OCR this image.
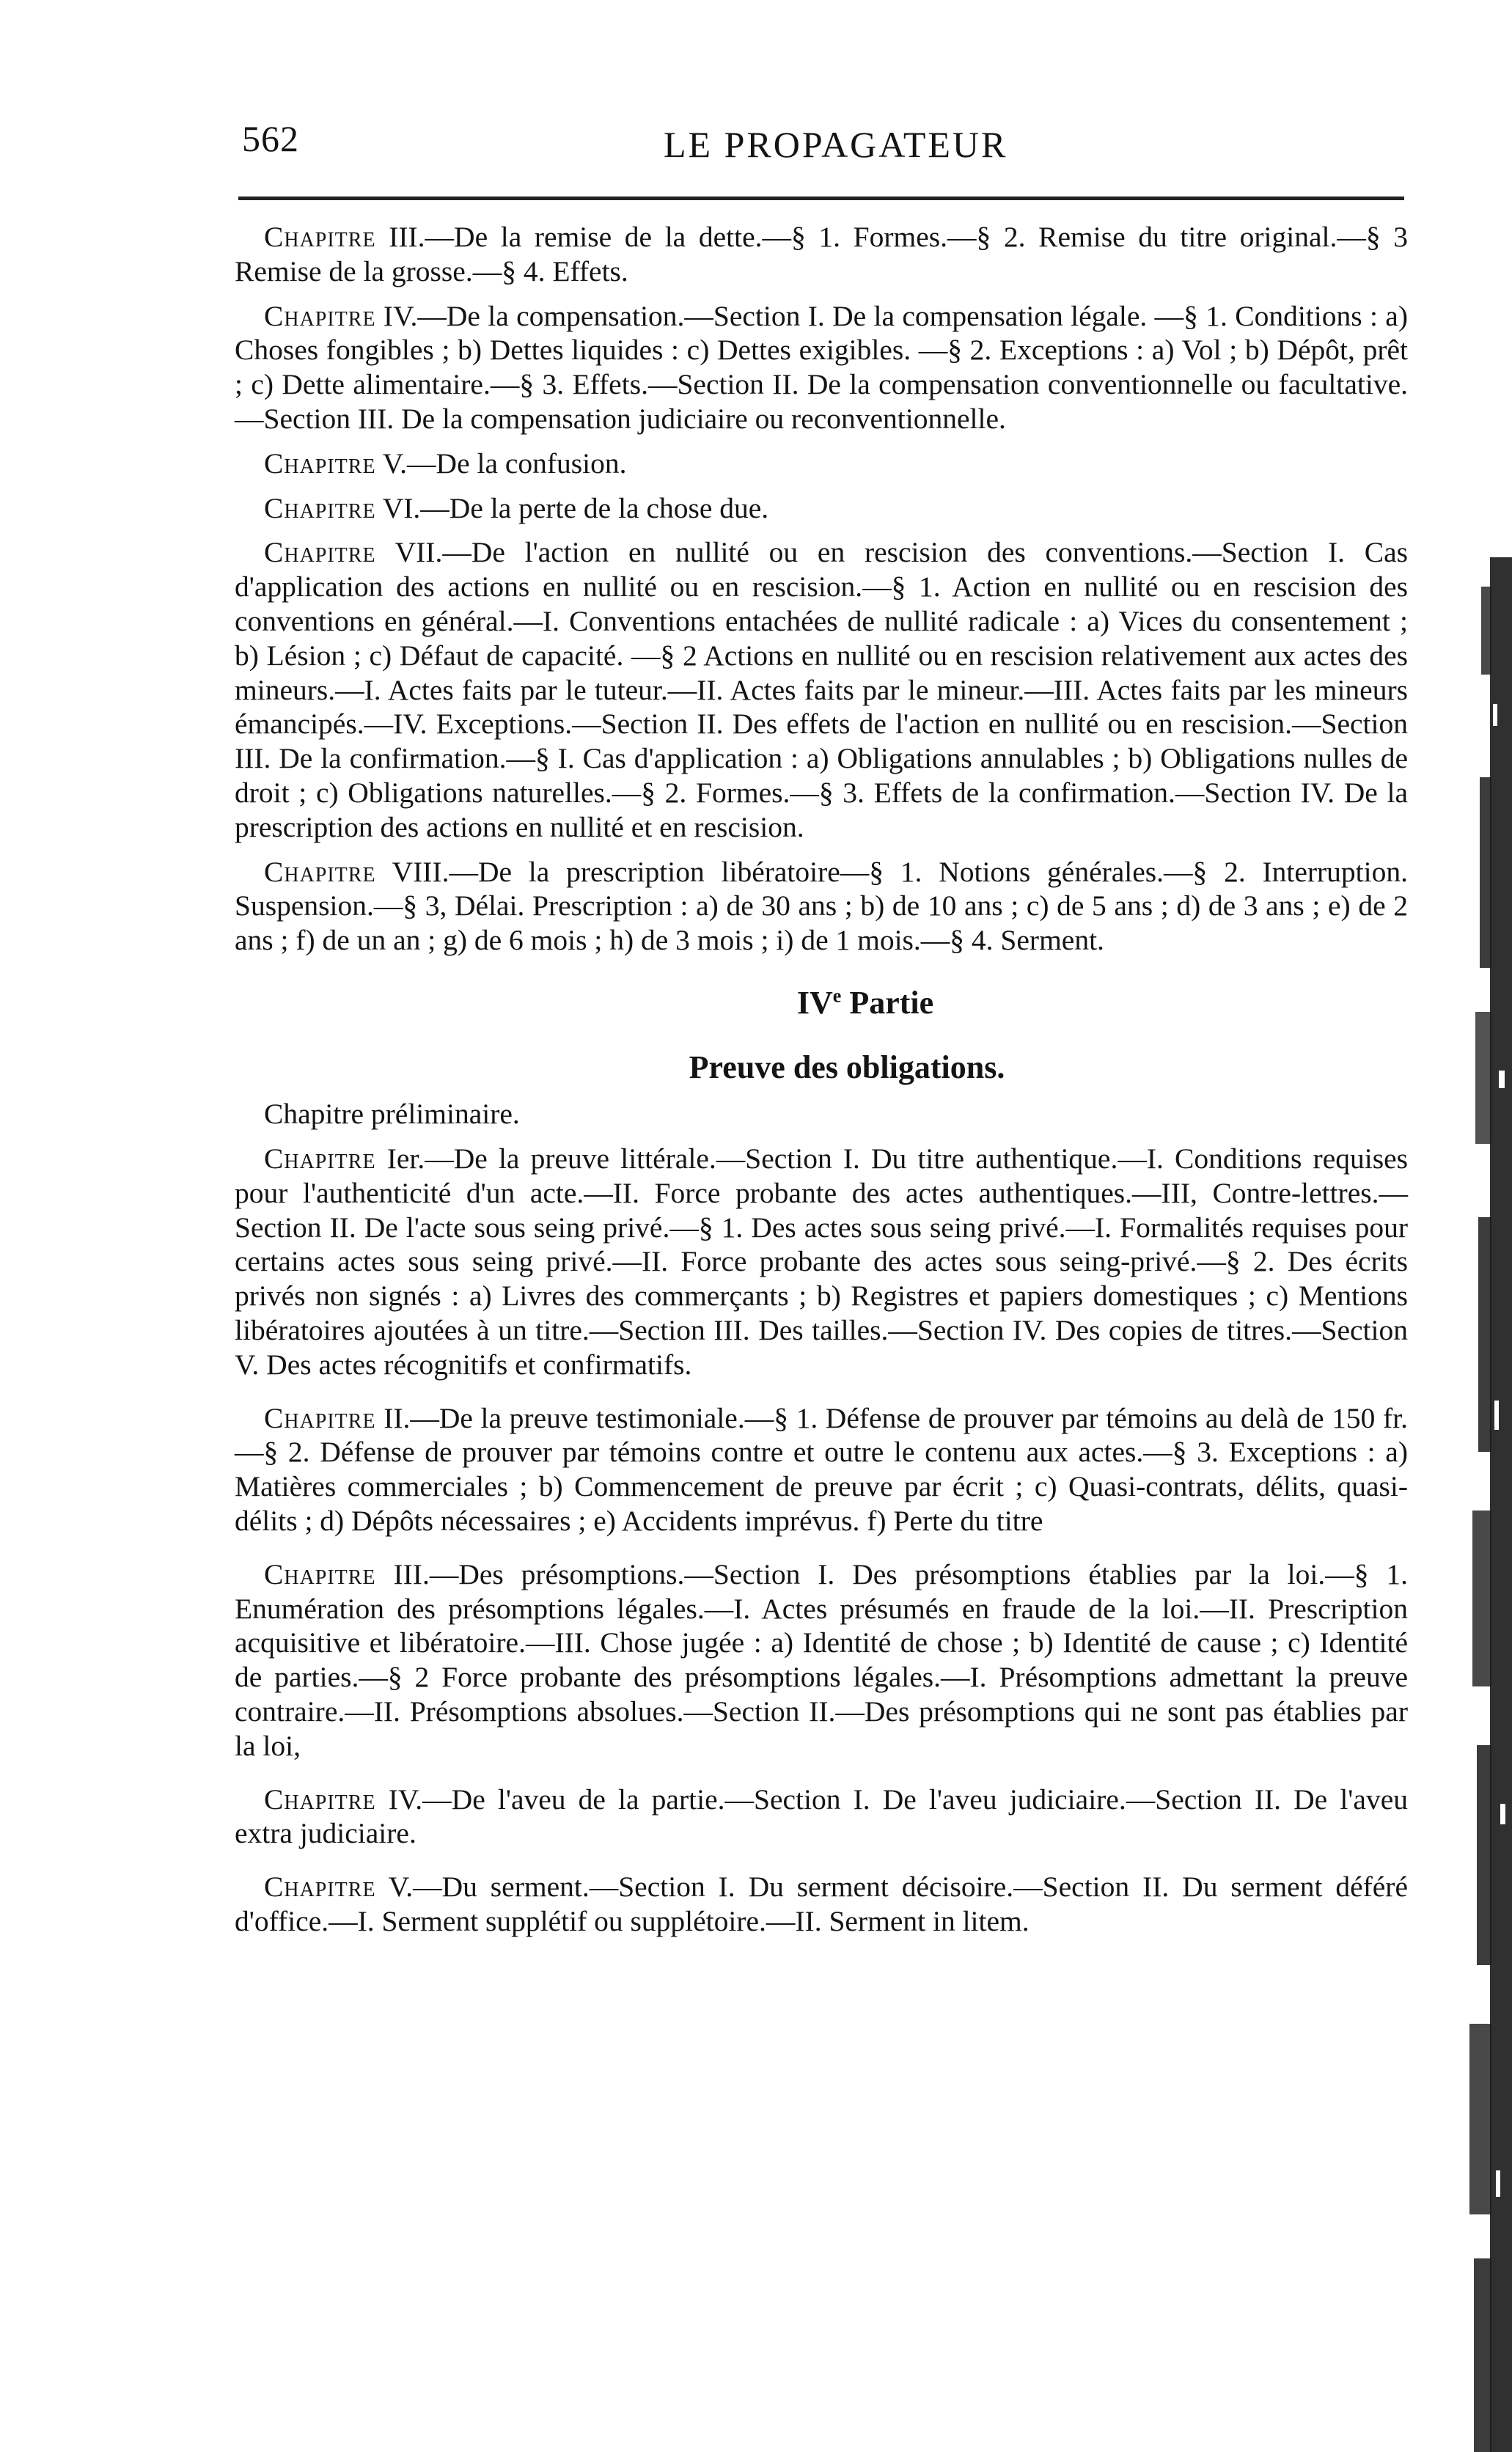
562	LE PROPAGATEUR

Chapitre III.—De la remise de la dette.—§ 1. Formes.—§ 2. Remise du titre original.—§ 3 Remise de la grosse.—§ 4. Effets.

Chapitre IV.—De la compensation.—Section I. De la compensation légale. —§ 1. Conditions : a) Choses fongibles ; b) Dettes liquides : c) Dettes exigibles. —§ 2. Exceptions : a) Vol ; b) Dépôt, prêt ; c) Dette alimentaire.—§ 3. Effets.—Section II. De la compensation conventionnelle ou facultative.—Section III. De la compensation judiciaire ou reconventionnelle.

Chapitre V.—De la confusion.

Chapitre VI.—De la perte de la chose due.

Chapitre VII.—De l'action en nullité ou en rescision des conventions.—Section I. Cas d'application des actions en nullité ou en rescision.—§ 1. Action en nullité ou en rescision des conventions en général.—I. Conventions entachées de nullité radicale : a) Vices du consentement ; b) Lésion ; c) Défaut de capacité. —§ 2 Actions en nullité ou en rescision relativement aux actes des mineurs.—I. Actes faits par le tuteur.—II. Actes faits par le mineur.—III. Actes faits par les mineurs émancipés.—IV. Exceptions.—Section II. Des effets de l'action en nullité ou en rescision.—Section III. De la confirmation.—§ I. Cas d'application : a) Obligations annulables ; b) Obligations nulles de droit ; c) Obligations naturelles.—§ 2. Formes.—§ 3. Effets de la confirmation.—Section IV. De la prescription des actions en nullité et en rescision.

Chapitre VIII.—De la prescription libératoire—§ 1. Notions générales.—§ 2. Interruption. Suspension.—§ 3, Délai. Prescription : a) de 30 ans ; b) de 10 ans ; c) de 5 ans ; d) de 3 ans ; e) de 2 ans ; f) de un an ; g) de 6 mois ; h) de 3 mois ; i) de 1 mois.—§ 4. Serment.

IVe Partie

Preuve des obligations.

Chapitre préliminaire.

Chapitre Ier.—De la preuve littérale.—Section I. Du titre authentique.—I. Conditions requises pour l'authenticité d'un acte.—II. Force probante des actes authentiques.—III, Contre-lettres.—Section II. De l'acte sous seing privé.—§ 1. Des actes sous seing privé.—I. Formalités requises pour certains actes sous seing privé.—II. Force probante des actes sous seing-privé.—§ 2. Des écrits privés non signés : a) Livres des commerçants ; b) Registres et papiers domestiques ; c) Mentions libératoires ajoutées à un titre.—Section III. Des tailles.—Section IV. Des copies de titres.—Section V. Des actes récognitifs et confirmatifs.

Chapitre II.—De la preuve testimoniale.—§ 1. Défense de prouver par témoins au delà de 150 fr.—§ 2. Défense de prouver par témoins contre et outre le contenu aux actes.—§ 3. Exceptions : a) Matières commerciales ; b) Commencement de preuve par écrit ; c) Quasi-contrats, délits, quasi-délits ; d) Dépôts nécessaires ; e) Accidents imprévus. f) Perte du titre

Chapitre III.—Des présomptions.—Section I. Des présomptions établies par la loi.—§ 1. Enumération des présomptions légales.—I. Actes présumés en fraude de la loi.—II. Prescription acquisitive et libératoire.—III. Chose jugée : a) Identité de chose ; b) Identité de cause ; c) Identité de parties.—§ 2 Force probante des présomptions légales.—I. Présomptions admettant la preuve contraire.—II. Présomptions absolues.—Section II.—Des présomptions qui ne sont pas établies par la loi,

Chapitre IV.—De l'aveu de la partie.—Section I. De l'aveu judiciaire.—Section II. De l'aveu extra judiciaire.

Chapitre V.—Du serment.—Section I. Du serment décisoire.—Section II. Du serment déféré d'office.—I. Serment supplétif ou supplétoire.—II. Serment in litem.
